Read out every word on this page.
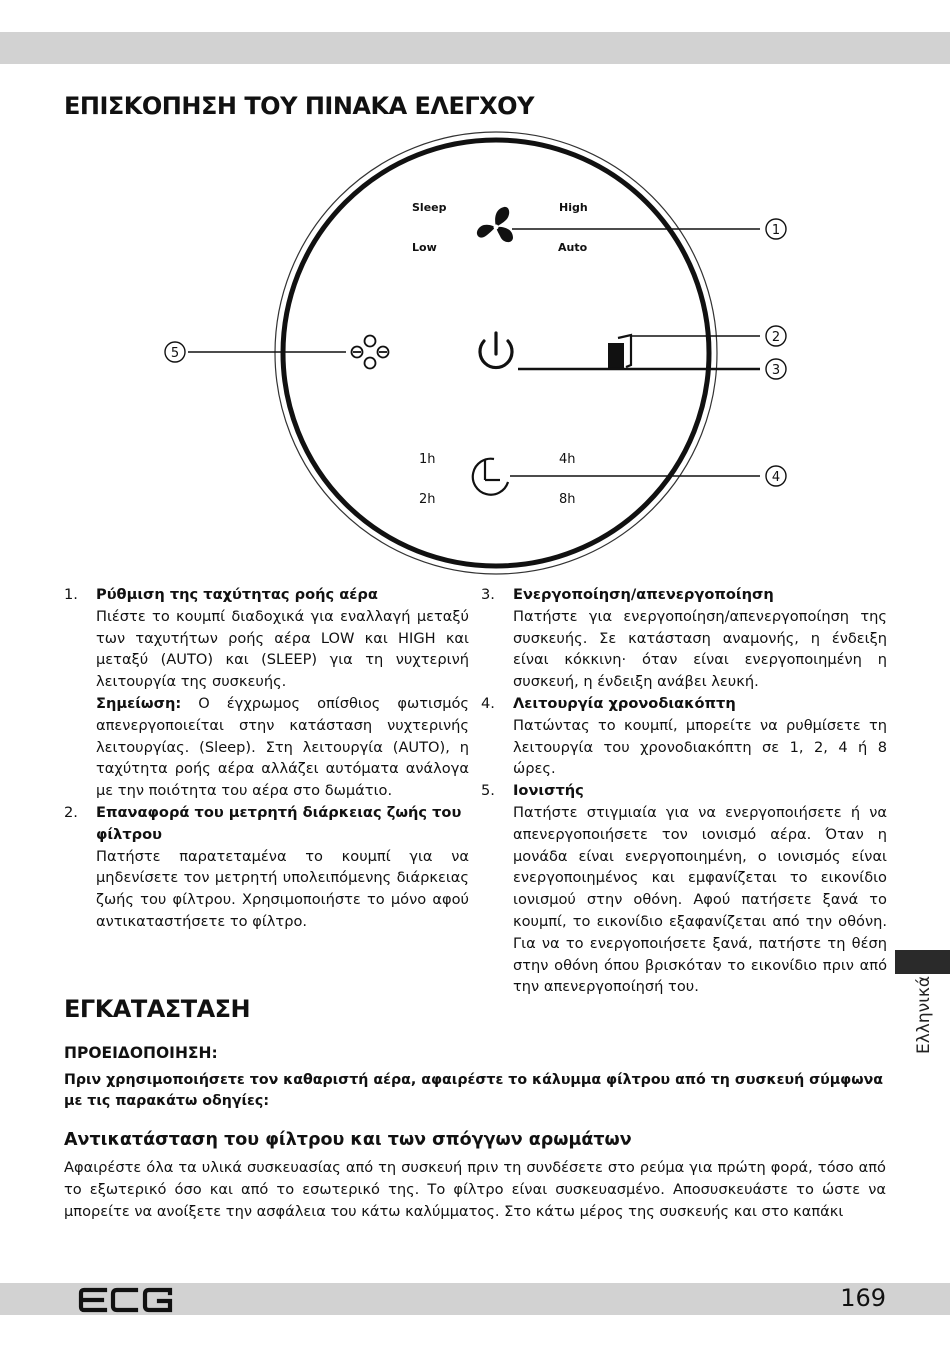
ΕΠΙΣΚΟΠΗΣΗ ΤΟΥ ΠΙΝΑΚΑ ΕΛΕΓΧΟΥ
Sleep	High
Low	Auto
1h	4h
2h	8h
1
2
3
4
5
1.	Ρύθμιση της ταχύτητας ροής αέρα

Πιέστε το κουμπί διαδοχικά για εναλλαγή μεταξύ των ταχυτήτων ροής αέρα LOW και HIGH και μεταξύ (AUTO) και (SLEEP) για τη νυχτερινή λειτουργία της συσκευής.

Σημείωση: Ο έγχρωμος οπίσθιος φωτισμός απενεργοποιείται στην κατάσταση νυχτερινής λειτουργίας. (Sleep). Στη λειτουργία (AUTO), η ταχύτητα ροής αέρα αλλάζει αυτόματα ανάλογα με την ποιότητα του αέρα στο δωμάτιο.

2.	Επαναφορά του μετρητή διάρκειας ζωής του φίλτρου

Πατήστε παρατεταμένα το κουμπί για να μηδενίσετε τον μετρητή υπολειπόμενης διάρκειας ζωής του φίλτρου. Χρησιμοποιήστε το μόνο αφού αντικαταστήσετε το φίλτρο.

3.	Ενεργοποίηση/απενεργοποίηση

Πατήστε για ενεργοποίηση/απενεργοποίηση της συσκευής. Σε κατάσταση αναμονής, η ένδειξη είναι κόκκινη· όταν είναι ενεργοποιημένη η συσκευή, η ένδειξη ανάβει λευκή.

4.	Λειτουργία χρονοδιακόπτη

Πατώντας το κουμπί, μπορείτε να ρυθμίσετε τη λειτουργία του χρονοδιακόπτη σε 1, 2, 4 ή 8 ώρες.

5.	Ιονιστής

Πατήστε στιγμιαία για να ενεργοποιήσετε ή να απενεργοποιήσετε τον ιονισμό αέρα. Όταν η μονάδα είναι ενεργοποιημένη, ο ιονισμός είναι ενεργοποιημένος και εμφανίζεται το εικονίδιο ιονισμού στην οθόνη. Αφού πατήσετε ξανά το κουμπί, το εικονίδιο εξαφανίζεται από την οθόνη. Για να το ενεργοποιήσετε ξανά, πατήστε τη θέση στην οθόνη όπου βρισκόταν το εικονίδιο πριν από την απενεργοποίησή του.

ΕΓΚΑΤΑΣΤΑΣΗ

ΠΡΟΕΙΔΟΠΟΙΗΣΗ:

Πριν χρησιμοποιήσετε τον καθαριστή αέρα, αφαιρέστε το κάλυμμα φίλτρου από τη συσκευή σύμφωνα με τις παρακάτω οδηγίες:

Αντικατάσταση του φίλτρου και των σπόγγων αρωμάτων

Αφαιρέστε όλα τα υλικά συσκευασίας από τη συσκευή πριν τη συνδέσετε στο ρεύμα για πρώτη φορά, τόσο από το εξωτερικό όσο και από το εσωτερικό της. Το φίλτρο είναι συσκευασμένο. Αποσυσκευάστε το ώστε να μπορείτε να ανοίξετε την ασφάλεια του κάτω καλύμματος. Στο κάτω μέρος της συσκευής και στο καπάκι

Ελληνικά
169
